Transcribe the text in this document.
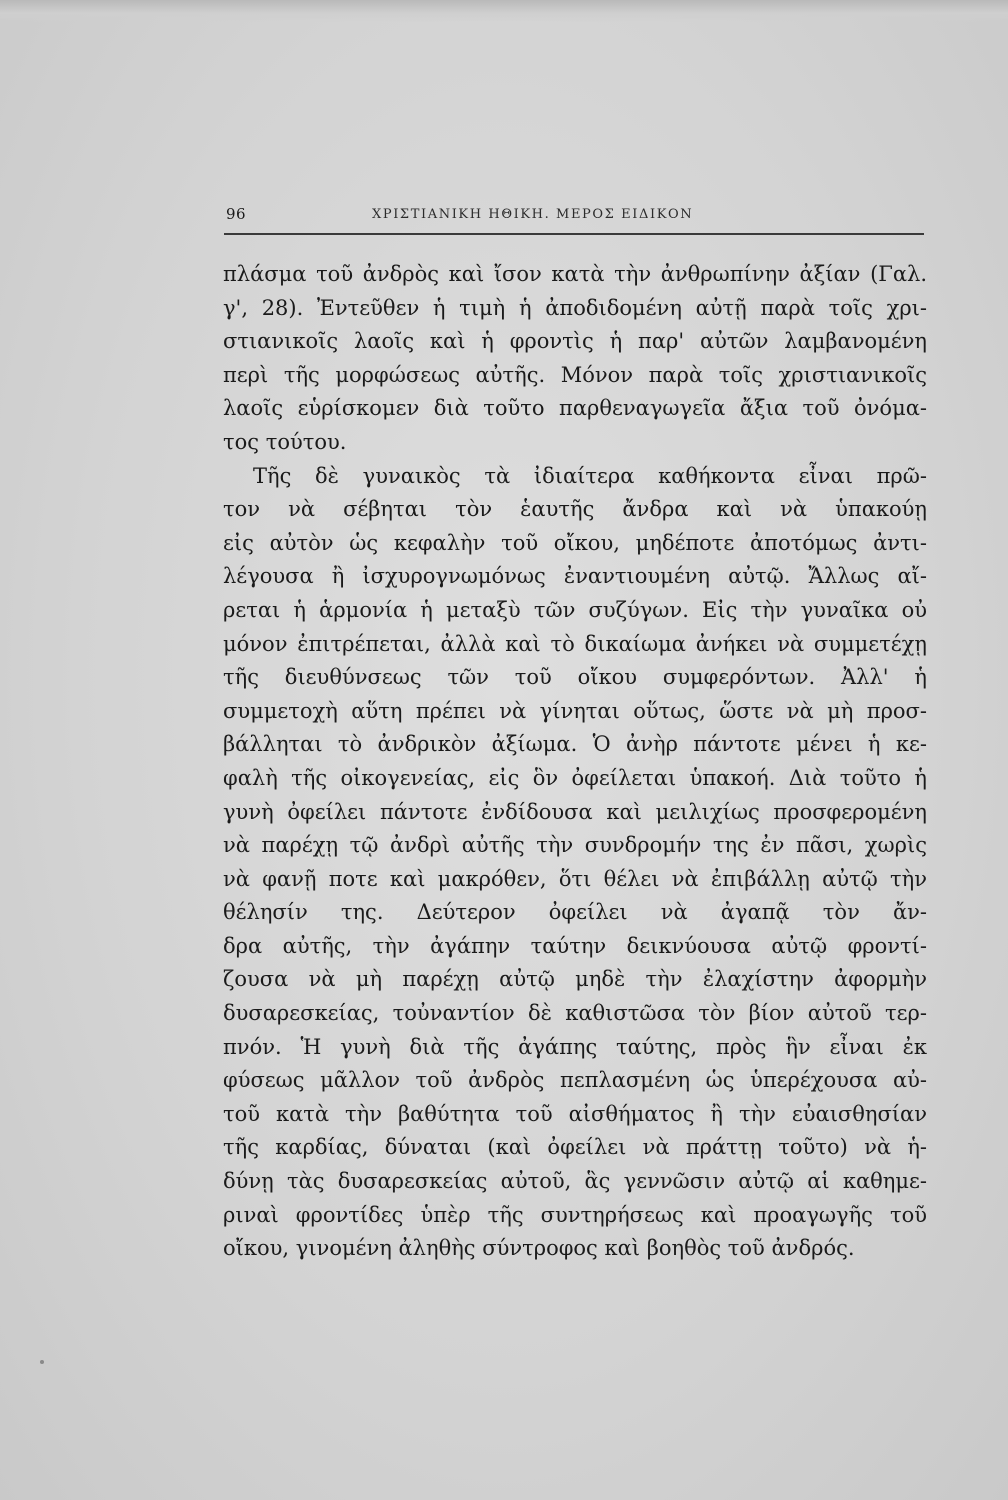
96	ΧΡΙΣΤΙΑΝΙΚΗ ΗΘΙΚΗ. ΜΕΡΟΣ ΕΙΔΙΚΟΝ
πλάσμα τοῦ ἀνδρὸς καὶ ἴσον κατὰ τὴν ἀνθρωπίνην ἀξίαν (Γαλ.
γ', 28). Ἐντεῦθεν ἡ τιμὴ ἡ ἀποδιδομένη αὐτῇ παρὰ τοῖς χρι-
στιανικοῖς λαοῖς καὶ ἡ φροντὶς ἡ παρ' αὐτῶν λαμβανομένη
περὶ τῆς μορφώσεως αὐτῆς. Μόνον παρὰ τοῖς χριστιανικοῖς
λαοῖς εὑρίσκομεν διὰ τοῦτο παρθεναγωγεῖα ἄξια τοῦ ὀνόμα-
τος τούτου.
Τῆς δὲ γυναικὸς τὰ ἰδιαίτερα καθήκοντα εἶναι πρῶ-
τον νὰ σέβηται τὸν ἑαυτῆς ἄνδρα καὶ νὰ ὑπακούῃ
εἰς αὐτὸν ὡς κεφαλὴν τοῦ οἴκου, μηδέποτε ἀποτόμως ἀντι-
λέγουσα ἢ ἰσχυρογνωμόνως ἐναντιουμένη αὐτῷ. Ἄλλως αἴ-
ρεται ἡ ἁρμονία ἡ μεταξὺ τῶν συζύγων. Εἰς τὴν γυναῖκα οὐ
μόνον ἐπιτρέπεται, ἀλλὰ καὶ τὸ δικαίωμα ἀνήκει νὰ συμμετέχῃ
τῆς διευθύνσεως τῶν τοῦ οἴκου συμφερόντων. Ἀλλ' ἡ
συμμετοχὴ αὕτη πρέπει νὰ γίνηται οὕτως, ὥστε νὰ μὴ προσ-
βάλληται τὸ ἀνδρικὸν ἀξίωμα. Ὁ ἀνὴρ πάντοτε μένει ἡ κε-
φαλὴ τῆς οἰκογενείας, εἰς ὃν ὀφείλεται ὑπακοή. Διὰ τοῦτο ἡ
γυνὴ ὀφείλει πάντοτε ἐνδίδουσα καὶ μειλιχίως προσφερομένη
νὰ παρέχῃ τῷ ἀνδρὶ αὐτῆς τὴν συνδρομήν της ἐν πᾶσι, χωρὶς
νὰ φανῇ ποτε καὶ μακρόθεν, ὅτι θέλει νὰ ἐπιβάλλῃ αὐτῷ τὴν
θέλησίν της. Δεύτερον ὀφείλει νὰ ἀγαπᾷ τὸν ἄν-
δρα αὐτῆς, τὴν ἀγάπην ταύτην δεικνύουσα αὐτῷ φροντί-
ζουσα νὰ μὴ παρέχῃ αὐτῷ μηδὲ τὴν ἐλαχίστην ἀφορμὴν
δυσαρεσκείας, τοὐναντίον δὲ καθιστῶσα τὸν βίον αὐτοῦ τερ-
πνόν. Ἡ γυνὴ διὰ τῆς ἀγάπης ταύτης, πρὸς ἣν εἶναι ἐκ
φύσεως μᾶλλον τοῦ ἀνδρὸς πεπλασμένη ὡς ὑπερέχουσα αὐ-
τοῦ κατὰ τὴν βαθύτητα τοῦ αἰσθήματος ἢ τὴν εὐαισθησίαν
τῆς καρδίας, δύναται (καὶ ὀφείλει νὰ πράττῃ τοῦτο) νὰ ἡ-
δύνῃ τὰς δυσαρεσκείας αὐτοῦ, ἃς γεννῶσιν αὐτῷ αἱ καθημε-
ριναὶ φροντίδες ὑπὲρ τῆς συντηρήσεως καὶ προαγωγῆς τοῦ
οἴκου, γινομένη ἀληθὴς σύντροφος καὶ βοηθὸς τοῦ ἀνδρός.
